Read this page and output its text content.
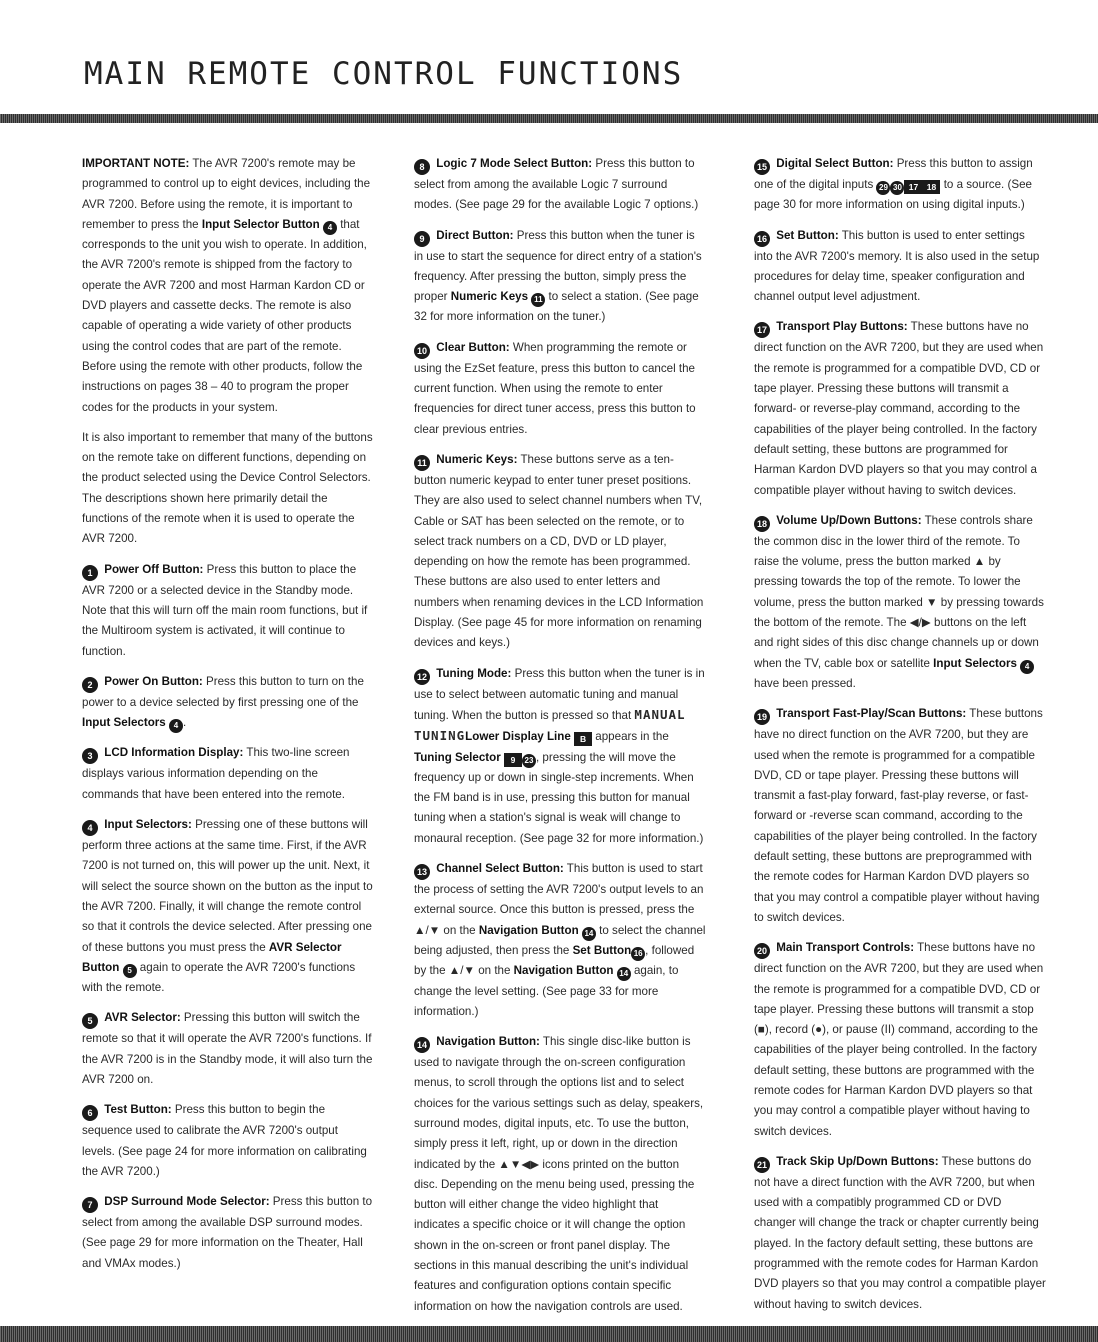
MAIN REMOTE CONTROL FUNCTIONS

IMPORTANT NOTE: The AVR 7200's remote may be programmed to control up to eight devices, including the AVR 7200. Before using the remote, it is important to remember to press the Input Selector Button 4 that corresponds to the unit you wish to operate. In addition, the AVR 7200's remote is shipped from the factory to operate the AVR 7200 and most Harman Kardon CD or DVD players and cassette decks. The remote is also capable of operating a wide variety of other products using the control codes that are part of the remote. Before using the remote with other products, follow the instructions on pages 38 – 40 to program the proper codes for the products in your system.

It is also important to remember that many of the buttons on the remote take on different functions, depending on the product selected using the Device Control Selectors. The descriptions shown here primarily detail the functions of the remote when it is used to operate the AVR 7200.

1 Power Off Button: Press this button to place the AVR 7200 or a selected device in the Standby mode. Note that this will turn off the main room functions, but if the Multiroom system is activated, it will continue to function.

2 Power On Button: Press this button to turn on the power to a device selected by first pressing one of the Input Selectors 4 .

3 LCD Information Display: This two-line screen displays various information depending on the commands that have been entered into the remote.

4 Input Selectors: Pressing one of these buttons will perform three actions at the same time. First, if the AVR 7200 is not turned on, this will power up the unit. Next, it will select the source shown on the button as the input to the AVR 7200. Finally, it will change the remote control so that it controls the device selected. After pressing one of these buttons you must press the AVR Selector Button 5 again to operate the AVR 7200's functions with the remote.

5 AVR Selector: Pressing this button will switch the remote so that it will operate the AVR 7200's functions. If the AVR 7200 is in the Standby mode, it will also turn the AVR 7200 on.

6 Test Button: Press this button to begin the sequence used to calibrate the AVR 7200's output levels. (See page 24 for more information on calibrating the AVR 7200.)

7 DSP Surround Mode Selector: Press this button to select from among the available DSP surround modes. (See page 29 for more information on the Theater, Hall and VMAx modes.)

8 Logic 7 Mode Select Button: Press this button to select from among the available Logic 7 surround modes. (See page 29 for the available Logic 7 options.)

9 Direct Button: Press this button when the tuner is in use to start the sequence for direct entry of a station's frequency. After pressing the button, simply press the proper Numeric Keys 11 to select a station. (See page 32 for more information on the tuner.)

10 Clear Button: When programming the remote or using the EzSet feature, press this button to cancel the current function. When using the remote to enter frequencies for direct tuner access, press this button to clear previous entries.

11 Numeric Keys: These buttons serve as a ten-button numeric keypad to enter tuner preset positions. They are also used to select channel numbers when TV, Cable or SAT has been selected on the remote, or to select track numbers on a CD, DVD or LD player, depending on how the remote has been programmed. These buttons are also used to enter letters and numbers when renaming devices in the LCD Information Display. (See page 45 for more information on renaming devices and keys.)

12 Tuning Mode: Press this button when the tuner is in use to select between automatic tuning and manual tuning. When the button is pressed so that MANUAL TUNINGLower Display Line B appears in the Tuning Selector 9 23 , pressing the will move the frequency up or down in single-step increments. When the FM band is in use, pressing this button for manual tuning when a station's signal is weak will change to monaural reception. (See page 32 for more information.)

13 Channel Select Button: This button is used to start the process of setting the AVR 7200's output levels to an external source. Once this button is pressed, press the ▲/▼ on the Navigation Button 14 to select the channel being adjusted, then press the Set Button 16 , followed by the ▲/▼ on the Navigation Button 14 again, to change the level setting. (See page 33 for more information.)

14 Navigation Button: This single disc-like button is used to navigate through the on-screen configuration menus, to scroll through the options list and to select choices for the various settings such as delay, speakers, surround modes, digital inputs, etc. To use the button, simply press it left, right, up or down in the direction indicated by the ▲▼◀▶ icons printed on the button disc. Depending on the menu being used, pressing the button will either change the video highlight that indicates a specific choice or it will change the option shown in the on-screen or front panel display. The sections in this manual describing the unit's individual features and configuration options contain specific information on how the navigation controls are used.

15 Digital Select Button: Press this button to assign one of the digital inputs 29 30 17 18 to a source. (See page 30 for more information on using digital inputs.)

16 Set Button: This button is used to enter settings into the AVR 7200's memory. It is also used in the setup procedures for delay time, speaker configuration and channel output level adjustment.

17 Transport Play Buttons: These buttons have no direct function on the AVR 7200, but they are used when the remote is programmed for a compatible DVD, CD or tape player. Pressing these buttons will transmit a forward- or reverse-play command, according to the capabilities of the player being controlled. In the factory default setting, these buttons are programmed for Harman Kardon DVD players so that you may control a compatible player without having to switch devices.

18 Volume Up/Down Buttons: These controls share the common disc in the lower third of the remote. To raise the volume, press the button marked ▲ by pressing towards the top of the remote. To lower the volume, press the button marked ▼ by pressing towards the bottom of the remote. The ◀/▶ buttons on the left and right sides of this disc change channels up or down when the TV, cable box or satellite Input Selectors 4 have been pressed.

19 Transport Fast-Play/Scan Buttons: These buttons have no direct function on the AVR 7200, but they are used when the remote is programmed for a compatible DVD, CD or tape player. Pressing these buttons will transmit a fast-play forward, fast-play reverse, or fast-forward or -reverse scan command, according to the capabilities of the player being controlled. In the factory default setting, these buttons are preprogrammed with the remote codes for Harman Kardon DVD players so that you may control a compatible player without having to switch devices.

20 Main Transport Controls: These buttons have no direct function on the AVR 7200, but they are used when the remote is programmed for a compatible DVD, CD or tape player. Pressing these buttons will transmit a stop (■), record (●), or pause (II) command, according to the capabilities of the player being controlled. In the factory default setting, these buttons are programmed with the remote codes for Harman Kardon DVD players so that you may control a compatible player without having to switch devices.

21 Track Skip Up/Down Buttons: These buttons do not have a direct function with the AVR 7200, but when used with a compatibly programmed CD or DVD changer will change the track or chapter currently being played. In the factory default setting, these buttons are programmed with the remote codes for Harman Kardon DVD players so that you may control a compatible player without having to switch devices.
